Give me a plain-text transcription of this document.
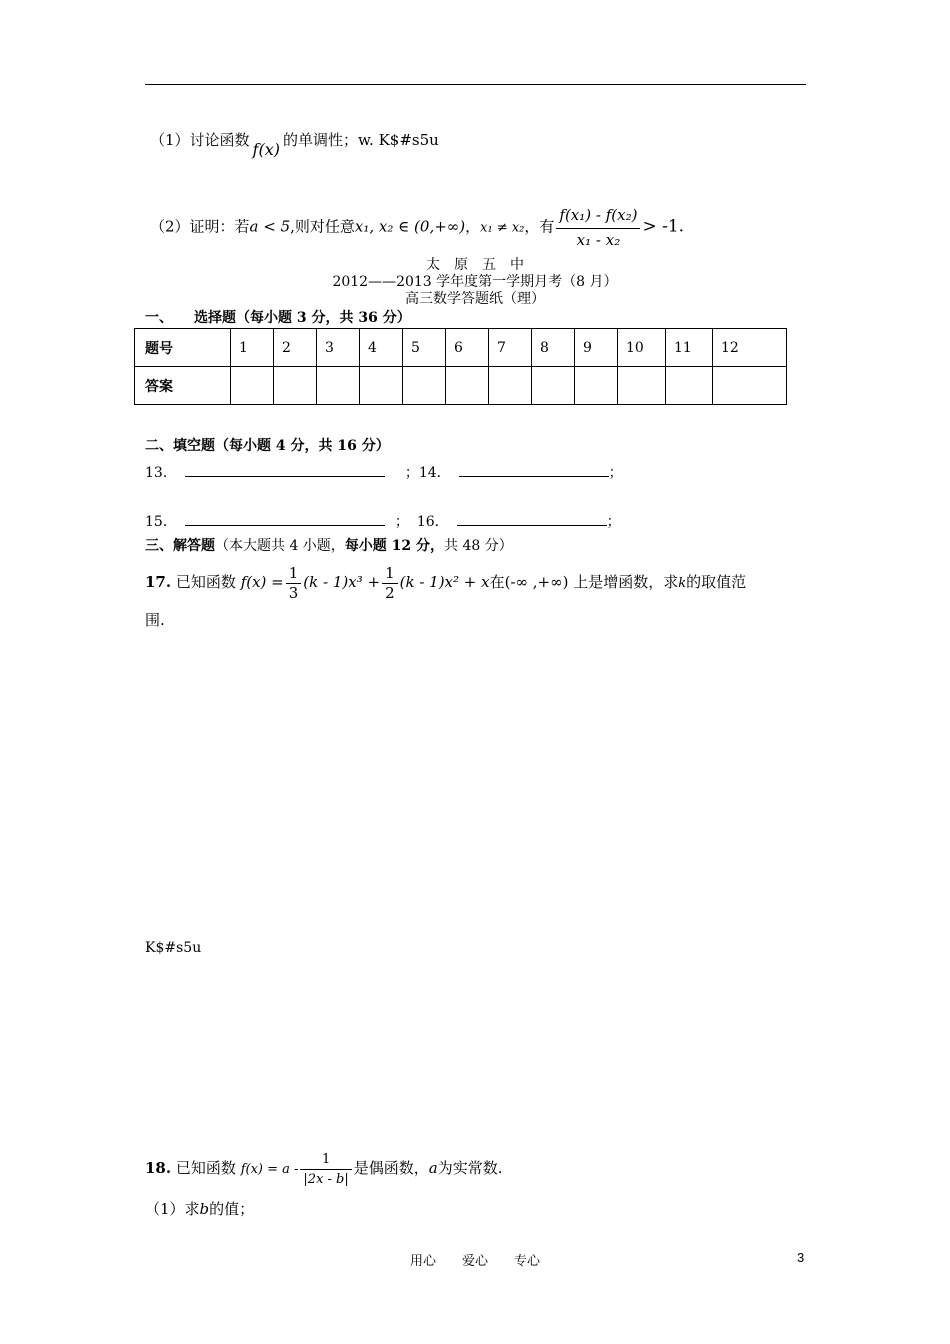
（1）讨论函数 f(x) 的单调性；w. K$#s5u
（2）证明：若a < 5,则对任意x₁, x₂ ∈ (0,+∞)，x₁ ≠ x₂，有 $\frac{\text{f(x₁) - f(x₂)}}{\text{x₁ - x₂}} > -1$.
太　原　五　中
2012——2013 学年度第一学期月考（8 月）
高三数学答题纸（理）
一、　　选择题（每小题 3 分，共 36 分）
题号	1	2	3	4	5	6	7	8	9	10	11	12
答案												
二、填空题（每小题 4 分，共 16 分）
13．	；14．	；
15．	； 16．	；
三、解答题（本大题共 4 小题，每小题 12 分，共 48 分）
17. 已知函数 $f(x) = \frac{1}{3} (k - 1)x^3 + \frac{1}{2} (k - 1)x^2 + x$在(-∞ ,+∞) 上是增函数，求k的取值范
围.
K$#s5u
18. 已知函数 $f(x) = a - \frac{1}{|2x - b|}$ 是偶函数，a为实常数.
（1）求b的值；
用心　　爱心　　专心	3
